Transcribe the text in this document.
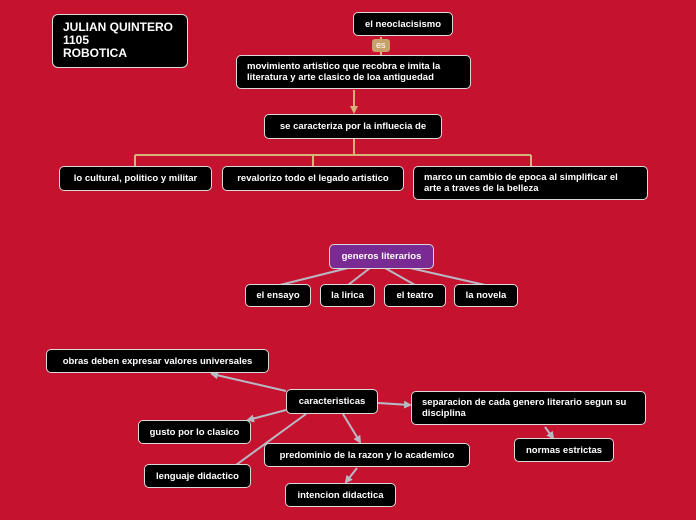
JULIAN QUINTERO
1105
ROBOTICA
el neoclacisismo
es
movimiento artistico que recobra e imita la literatura y arte clasico de loa antiguedad
se caracteriza por la influecia de
lo cultural, politico y militar	revalorizo todo el legado artistico	marco un cambio de epoca al simplificar el arte a traves de la belleza
generos literarios
el ensayo	la lirica	el teatro	la novela
caracteristicas
obras deben expresar valores universales
separacion de cada genero literario segun su disciplina
normas estrictas
gusto por lo clasico
predominio de la razon y lo academico
lenguaje didactico
intencion didactica
